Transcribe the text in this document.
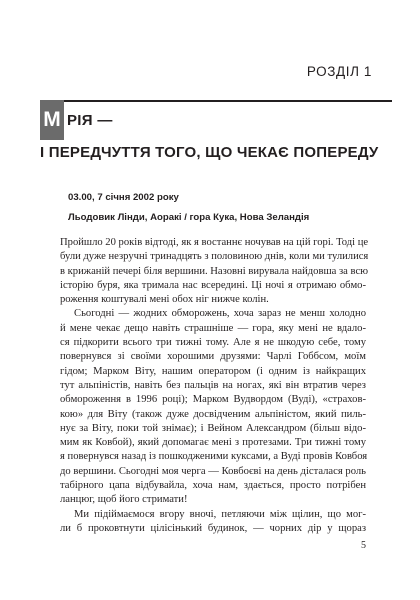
РОЗДІЛ 1
М РІЯ —
І ПЕРЕДЧУТТЯ ТОГО, ЩО ЧЕКАЄ ПОПЕРЕДУ
03.00, 7 січня 2002 року
Льодовик Лінди, Аоракі / гора Кука, Нова Зеландія
Пройшло 20 років відтоді, як я востаннє ночував на цій горі. Тоді це
були дуже незручні тринадцять з половиною днів, коли ми тулилися
в крижаній печері біля вершини. Назовні вирувала найдовша за всю
історію буря, яка тримала нас всередині. Ці ночі я отримаю обмо-
роження коштувалі мені обох ніг нижче колін.
Сьогодні — жодних обморожень, хоча зараз не менш холодно
й мене чекає дещо навіть страшніше — гора, яку мені не вдало-
ся підкорити всього три тижні тому. Але я не шкодую себе, тому
повернувся зі своїми хорошими друзями: Чарлі Гоббсом, моїм
гідом; Марком Віту, нашим оператором (і одним із найкращих
тут альпіністів, навіть без пальців на ногах, які він втратив через
обмороження в 1996 році); Марком Вудвордом (Вуді), «страхов-
кою» для Віту (також дуже досвідченим альпіністом, який пиль-
нує за Віту, поки той знімає); і Вейном Александром (більш відо-
мим як Ковбой), який допомагає мені з протезами. Три тижні тому
я повернувся назад із пошкодженими куксами, а Вуді провів Ковбоя
до вершини. Сьогодні моя черга — Ковбоєві на день дісталася роль
табірного цапа відбувайла, хоча нам, здається, просто потрібен
ланцюг, щоб його стримати!
Ми підіймаємося вгору вночі, петляючи між щілин, що мог-
ли б проковтнути цілісінький будинок, — чорних дір у щораз
5
